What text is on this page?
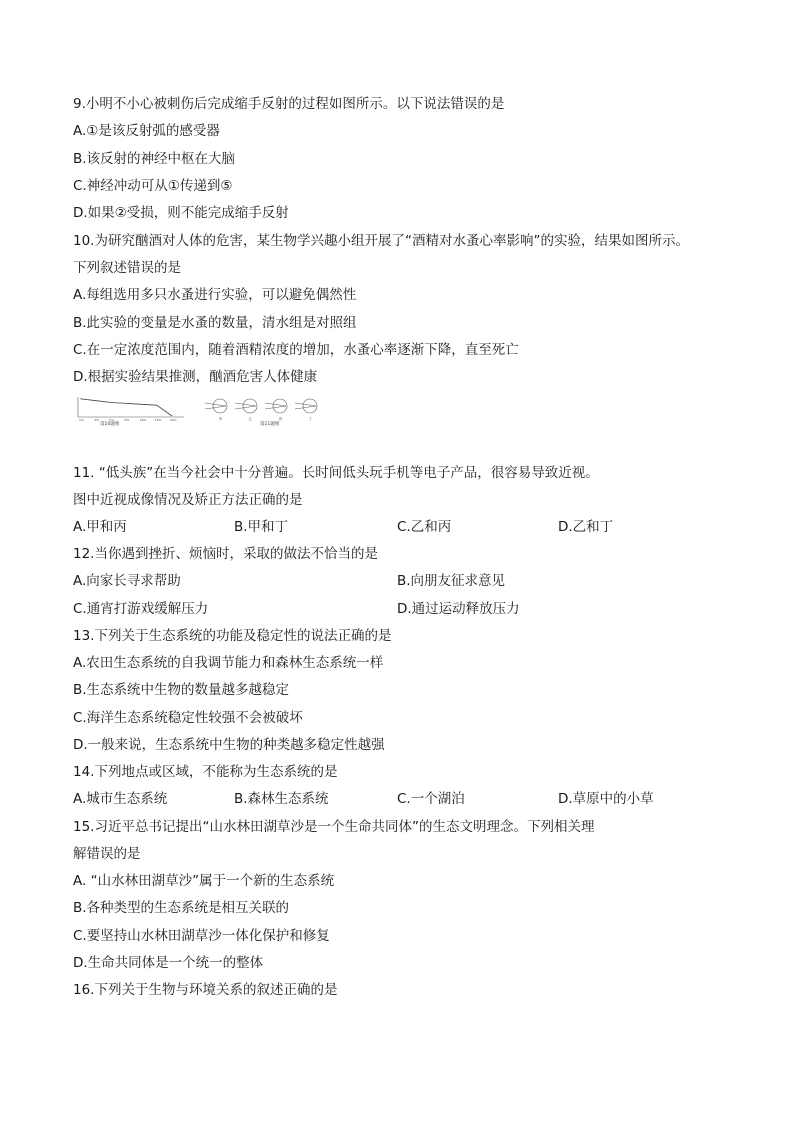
9.小明不小心被刺伤后完成缩手反射的过程如图所示。以下说法错误的是
A.①是该反射弧的感受器
B.该反射的神经中枢在大脑
C.神经冲动可从①传递到⑤
D.如果②受损，则不能完成缩手反射
10.为研究酗酒对人体的危害，某生物学兴趣小组开展了“酒精对水蚤心率影响”的实验，结果如图所示。
下列叙述错误的是
A.每组选用多只水蚤进行实验，可以避免偶然性
B.此实验的变量是水蚤的数量，清水组是对照组
C.在一定浓度范围内，随着酒精浓度的增加，水蚤心率逐渐下降，直至死亡
D.根据实验结果推测，酗酒危害人体健康
1%	3%	5%	8%	10%	15%	20%
第10题图
甲	乙	丙	丁
第11题图
11. “低头族”在当今社会中十分普遍。长时间低头玩手机等电子产品，很容易导致近视。
图中近视成像情况及矫正方法正确的是
A.甲和丙	B.甲和丁	C.乙和丙	D.乙和丁
12.当你遇到挫折、烦恼时，采取的做法不恰当的是
A.向家长寻求帮助	B.向朋友征求意见
C.通宵打游戏缓解压力	D.通过运动释放压力
13.下列关于生态系统的功能及稳定性的说法正确的是
A.农田生态系统的自我调节能力和森林生态系统一样
B.生态系统中生物的数量越多越稳定
C.海洋生态系统稳定性较强不会被破坏
D.一般来说，生态系统中生物的种类越多稳定性越强
14.下列地点或区域，不能称为生态系统的是
A.城市生态系统	B.森林生态系统	C.一个湖泊	D.草原中的小草
15.习近平总书记提出“山水林田湖草沙是一个生命共同体”的生态文明理念。下列相关理
解错误的是
A. “山水林田湖草沙”属于一个新的生态系统
B.各种类型的生态系统是相互关联的
C.要坚持山水林田湖草沙一体化保护和修复
D.生命共同体是一个统一的整体
16.下列关于生物与环境关系的叙述正确的是
